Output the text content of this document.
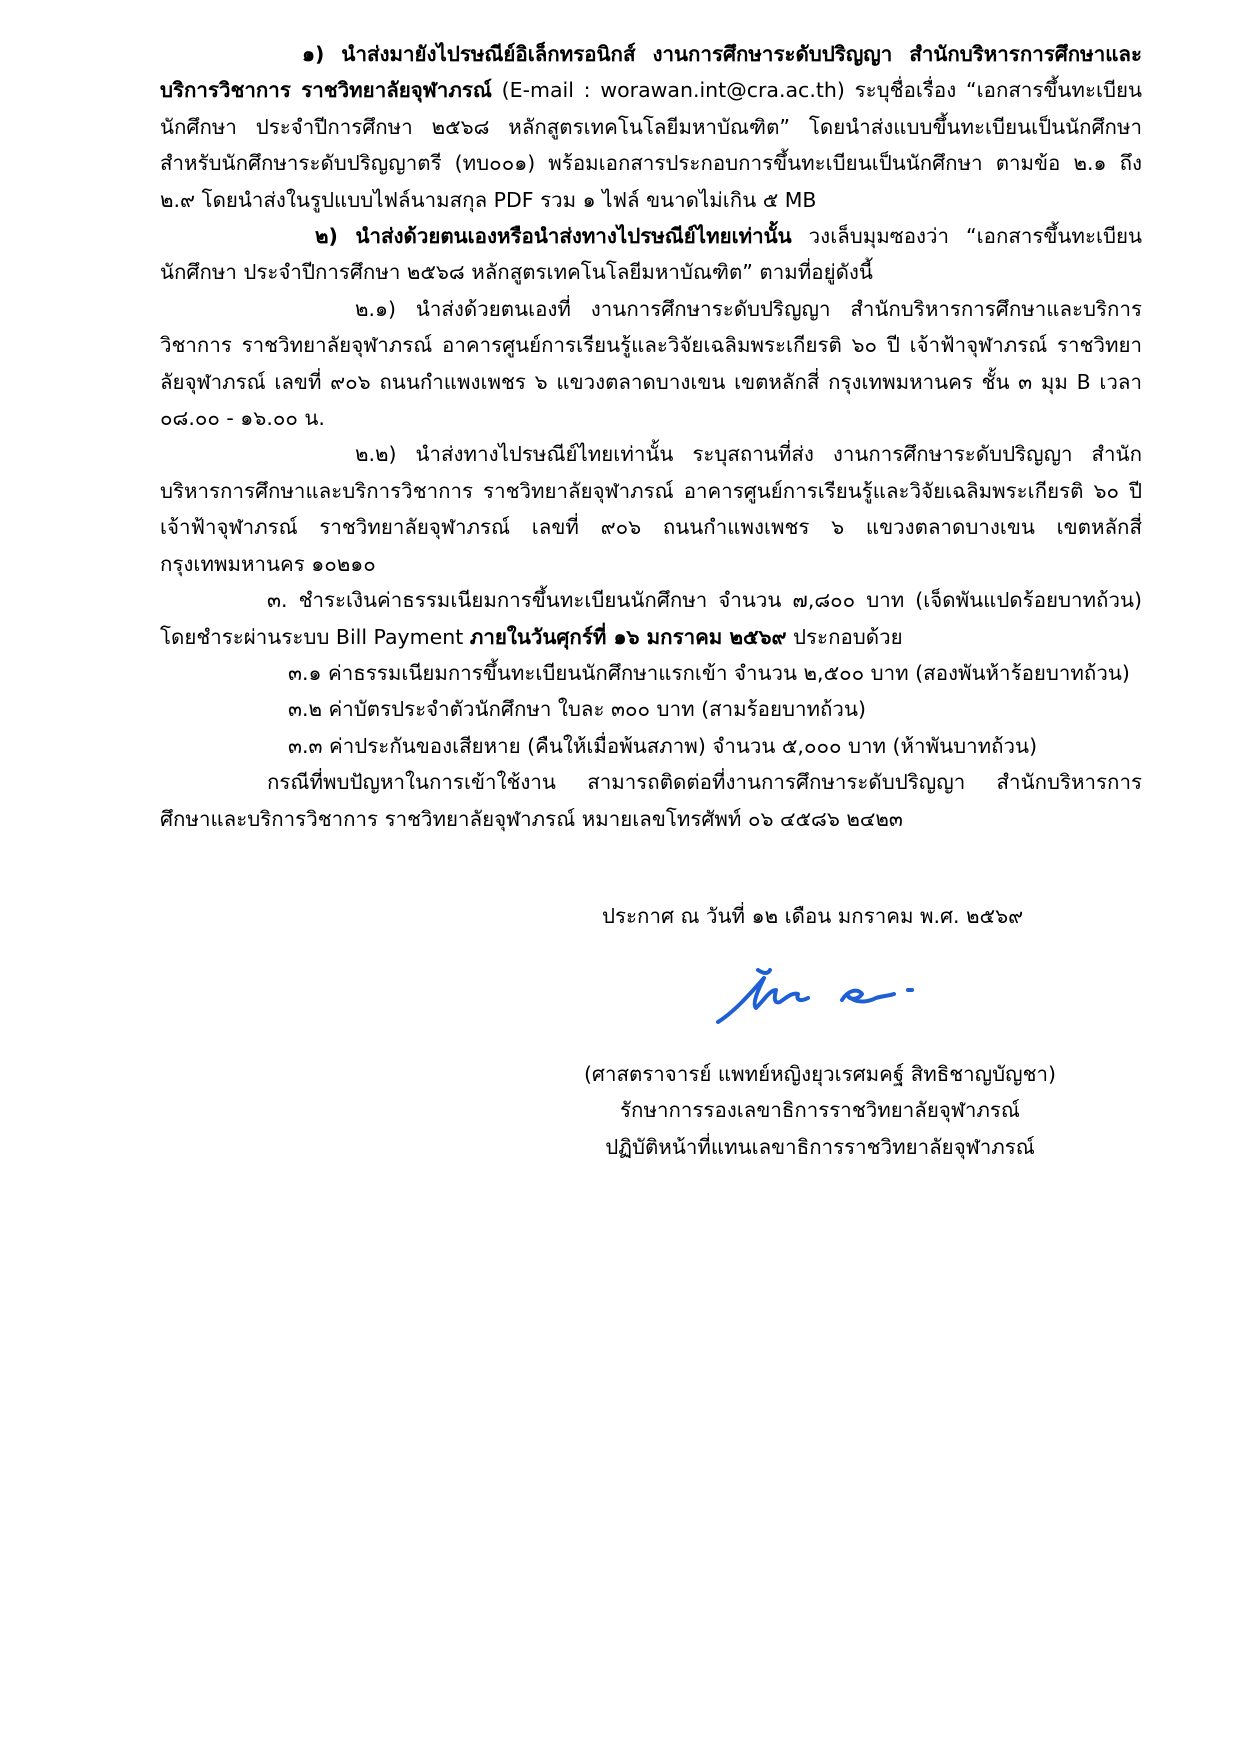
๑) นำส่งมายังไปรษณีย์อิเล็กทรอนิกส์ งานการศึกษาระดับปริญญา สำนักบริหารการศึกษาและบริการวิชาการ ราชวิทยาลัยจุฬาภรณ์ (E-mail : worawan.int@cra.ac.th) ระบุชื่อเรื่อง “เอกสารขึ้นทะเบียนนักศึกษา ประจำปีการศึกษา ๒๕๖๘ หลักสูตรเทคโนโลยีมหาบัณฑิต” โดยนำส่งแบบขึ้นทะเบียนเป็นนักศึกษาสำหรับนักศึกษาระดับปริญญาตรี (ทบ๐๐๑) พร้อมเอกสารประกอบการขึ้นทะเบียนเป็นนักศึกษา ตามข้อ ๒.๑ ถึง ๒.๙ โดยนำส่งในรูปแบบไฟล์นามสกุล PDF รวม ๑ ไฟล์ ขนาดไม่เกิน ๕ MB

๒) นำส่งด้วยตนเองหรือนำส่งทางไปรษณีย์ไทยเท่านั้น วงเล็บมุมซองว่า “เอกสารขึ้นทะเบียนนักศึกษา ประจำปีการศึกษา ๒๕๖๘ หลักสูตรเทคโนโลยีมหาบัณฑิต” ตามที่อยู่ดังนี้

๒.๑) นำส่งด้วยตนเองที่ งานการศึกษาระดับปริญญา สำนักบริหารการศึกษาและบริการวิชาการ ราชวิทยาลัยจุฬาภรณ์ อาคารศูนย์การเรียนรู้และวิจัยเฉลิมพระเกียรติ ๖๐ ปี เจ้าฟ้าจุฬาภรณ์ ราชวิทยาลัยจุฬาภรณ์ เลขที่ ๙๐๖ ถนนกำแพงเพชร ๖ แขวงตลาดบางเขน เขตหลักสี่ กรุงเทพมหานคร ชั้น ๓ มุม B เวลา ๐๘.๐๐ - ๑๖.๐๐ น.

๒.๒) นำส่งทางไปรษณีย์ไทยเท่านั้น ระบุสถานที่ส่ง งานการศึกษาระดับปริญญา สำนักบริหารการศึกษาและบริการวิชาการ ราชวิทยาลัยจุฬาภรณ์ อาคารศูนย์การเรียนรู้และวิจัยเฉลิมพระเกียรติ ๖๐ ปี เจ้าฟ้าจุฬาภรณ์ ราชวิทยาลัยจุฬาภรณ์ เลขที่ ๙๐๖ ถนนกำแพงเพชร ๖ แขวงตลาดบางเขน เขตหลักสี่ กรุงเทพมหานคร ๑๐๒๑๐

๓. ชำระเงินค่าธรรมเนียมการขึ้นทะเบียนนักศึกษา จำนวน ๗,๘๐๐ บาท (เจ็ดพันแปดร้อยบาทถ้วน) โดยชำระผ่านระบบ Bill Payment ภายในวันศุกร์ที่ ๑๖ มกราคม ๒๕๖๙ ประกอบด้วย

๓.๑ ค่าธรรมเนียมการขึ้นทะเบียนนักศึกษาแรกเข้า จำนวน ๒,๕๐๐ บาท (สองพันห้าร้อยบาทถ้วน)

๓.๒ ค่าบัตรประจำตัวนักศึกษา ใบละ ๓๐๐ บาท (สามร้อยบาทถ้วน)

๓.๓ ค่าประกันของเสียหาย (คืนให้เมื่อพ้นสภาพ) จำนวน ๕,๐๐๐ บาท (ห้าพันบาทถ้วน)

กรณีที่พบปัญหาในการเข้าใช้งาน สามารถติดต่อที่งานการศึกษาระดับปริญญา สำนักบริหารการศึกษาและบริการวิชาการ ราชวิทยาลัยจุฬาภรณ์ หมายเลขโทรศัพท์ ๐๖ ๔๕๘๖ ๒๔๒๓

ประกาศ ณ วันที่ ๑๒ เดือน มกราคม พ.ศ. ๒๕๖๙

(ศาสตราจารย์ แพทย์หญิงยุวเรศมคฐ์ สิทธิชาญบัญชา)

รักษาการรองเลขาธิการราชวิทยาลัยจุฬาภรณ์

ปฏิบัติหน้าที่แทนเลขาธิการราชวิทยาลัยจุฬาภรณ์
